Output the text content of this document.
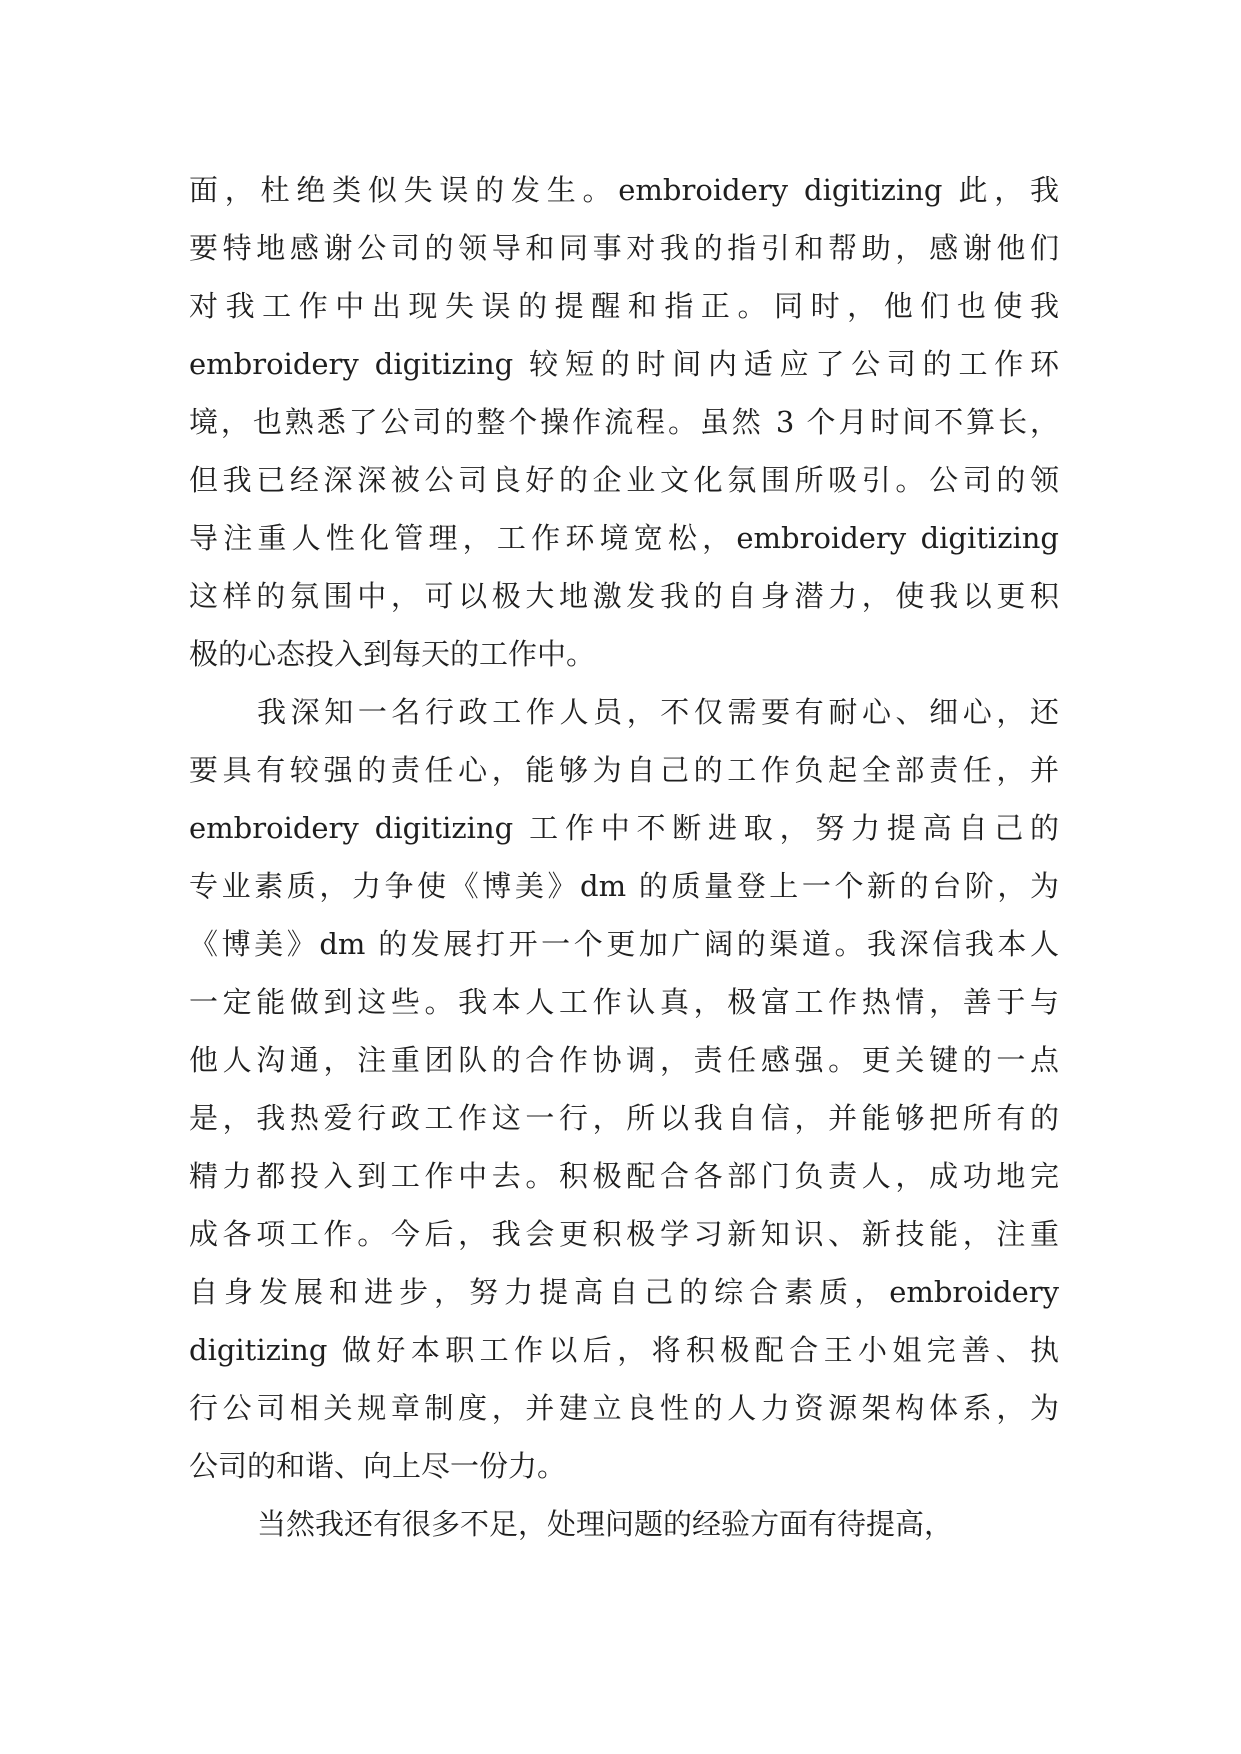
面，杜绝类似失误的发生。embroidery digitizing 此，我
要特地感谢公司的领导和同事对我的指引和帮助，感谢他们
对我工作中出现失误的提醒和指正。同时，他们也使我
embroidery digitizing 较短的时间内适应了公司的工作环
境，也熟悉了公司的整个操作流程。虽然 3 个月时间不算长，
但我已经深深被公司良好的企业文化氛围所吸引。公司的领
导注重人性化管理，工作环境宽松，embroidery digitizing
这样的氛围中，可以极大地激发我的自身潜力，使我以更积
极的心态投入到每天的工作中。
我深知一名行政工作人员，不仅需要有耐心、细心，还
要具有较强的责任心，能够为自己的工作负起全部责任，并
embroidery digitizing 工作中不断进取，努力提高自己的
专业素质，力争使《博美》dm 的质量登上一个新的台阶，为
《博美》dm 的发展打开一个更加广阔的渠道。我深信我本人
一定能做到这些。我本人工作认真，极富工作热情，善于与
他人沟通，注重团队的合作协调，责任感强。更关键的一点
是，我热爱行政工作这一行，所以我自信，并能够把所有的
精力都投入到工作中去。积极配合各部门负责人，成功地完
成各项工作。今后，我会更积极学习新知识、新技能，注重
自身发展和进步，努力提高自己的综合素质，embroidery
digitizing 做好本职工作以后，将积极配合王小姐完善、执
行公司相关规章制度，并建立良性的人力资源架构体系，为
公司的和谐、向上尽一份力。
当然我还有很多不足，处理问题的经验方面有待提高，
